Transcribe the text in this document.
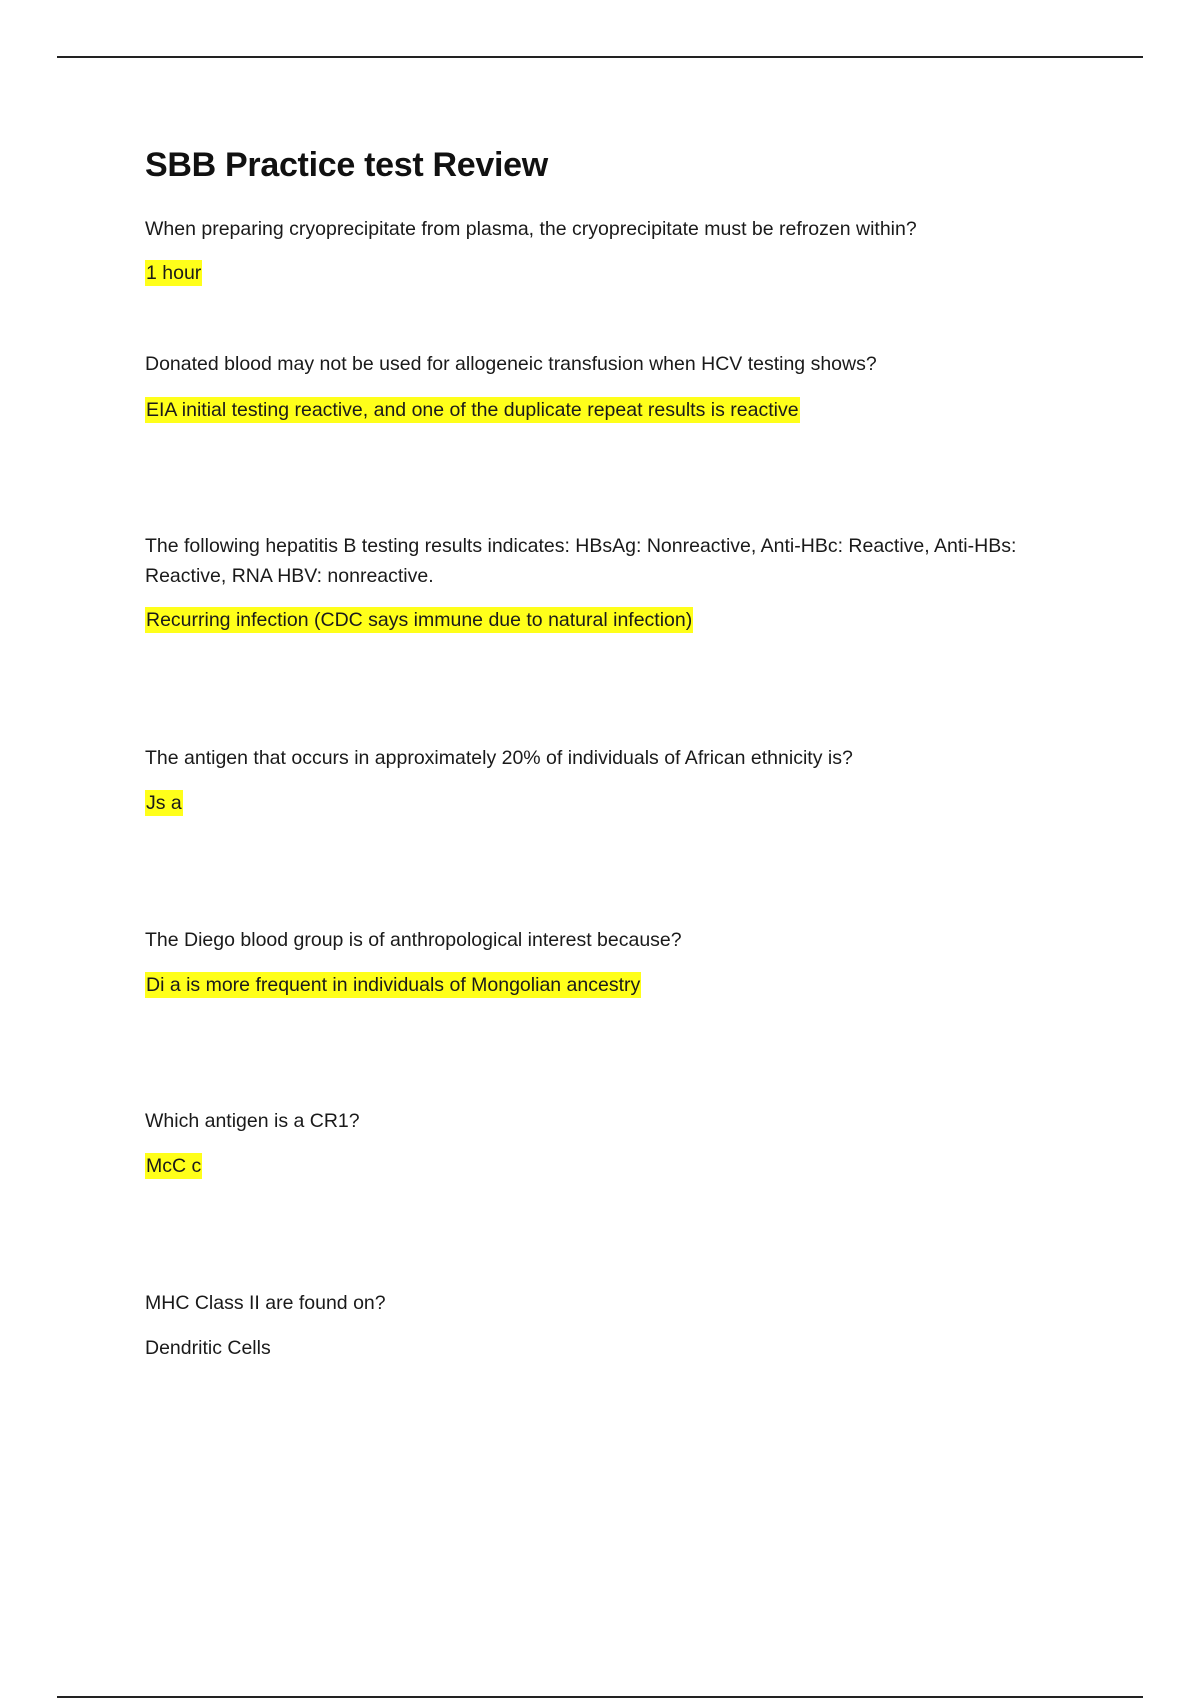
SBB Practice test Review
When preparing cryoprecipitate from plasma, the cryoprecipitate must be refrozen within?
1 hour
Donated blood may not be used for allogeneic transfusion when HCV testing shows?
EIA initial testing reactive, and one of the duplicate repeat results is reactive
The following hepatitis B testing results indicates: HBsAg: Nonreactive, Anti-HBc: Reactive, Anti-HBs: Reactive, RNA HBV: nonreactive.
Recurring infection (CDC says immune due to natural infection)
The antigen that occurs in approximately 20% of individuals of African ethnicity is?
Js a
The Diego blood group is of anthropological interest because?
Di a is more frequent in individuals of Mongolian ancestry
Which antigen is a CR1?
McC c
MHC Class II are found on?
Dendritic Cells
